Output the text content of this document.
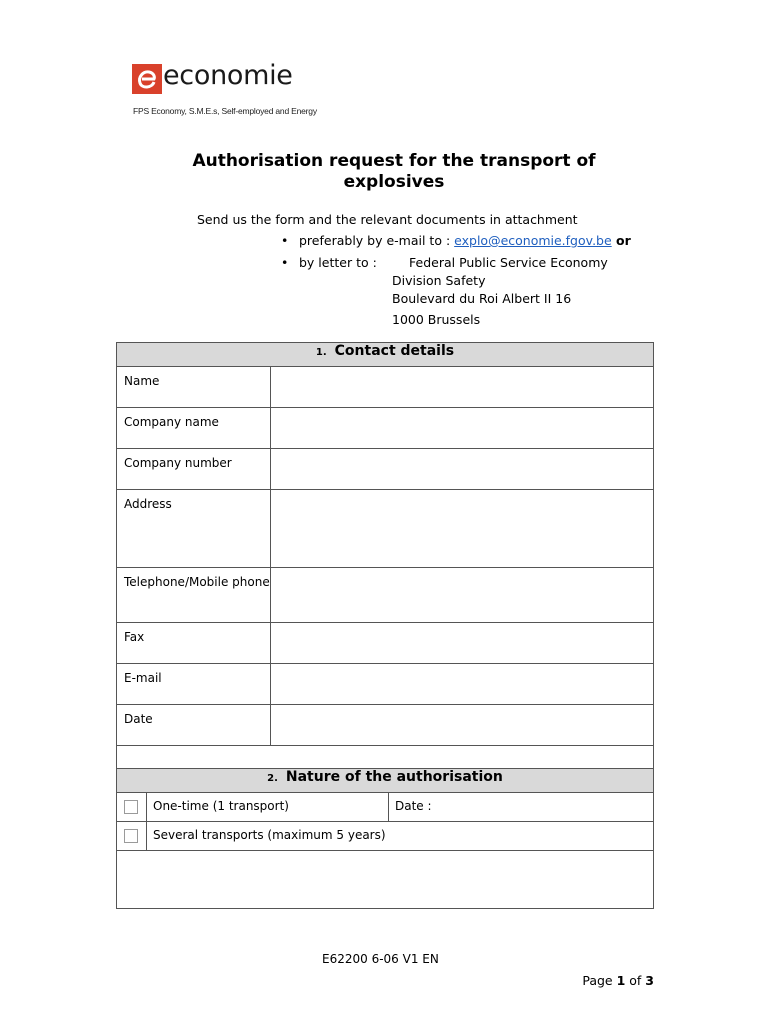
economie
FPS Economy, S.M.E.s, Self-employed and Energy
Authorisation request for the transport of explosives
Send us the form and the relevant documents in attachment
• preferably by e-mail to : explo@economie.fgov.be or
• by letter to :	Federal Public Service Economy
Division Safety
Boulevard du Roi Albert II 16
1000 Brussels
1. Contact details	
Name	
Company name	
Company number	
Address	
Telephone/Mobile phone	
Fax	
E-mail	
Date	

2. Nature of the authorisation		
	One-time (1 transport)	Date :
	Several transports (maximum 5 years)	

E62200 6-06 V1 EN
Page 1 of 3
